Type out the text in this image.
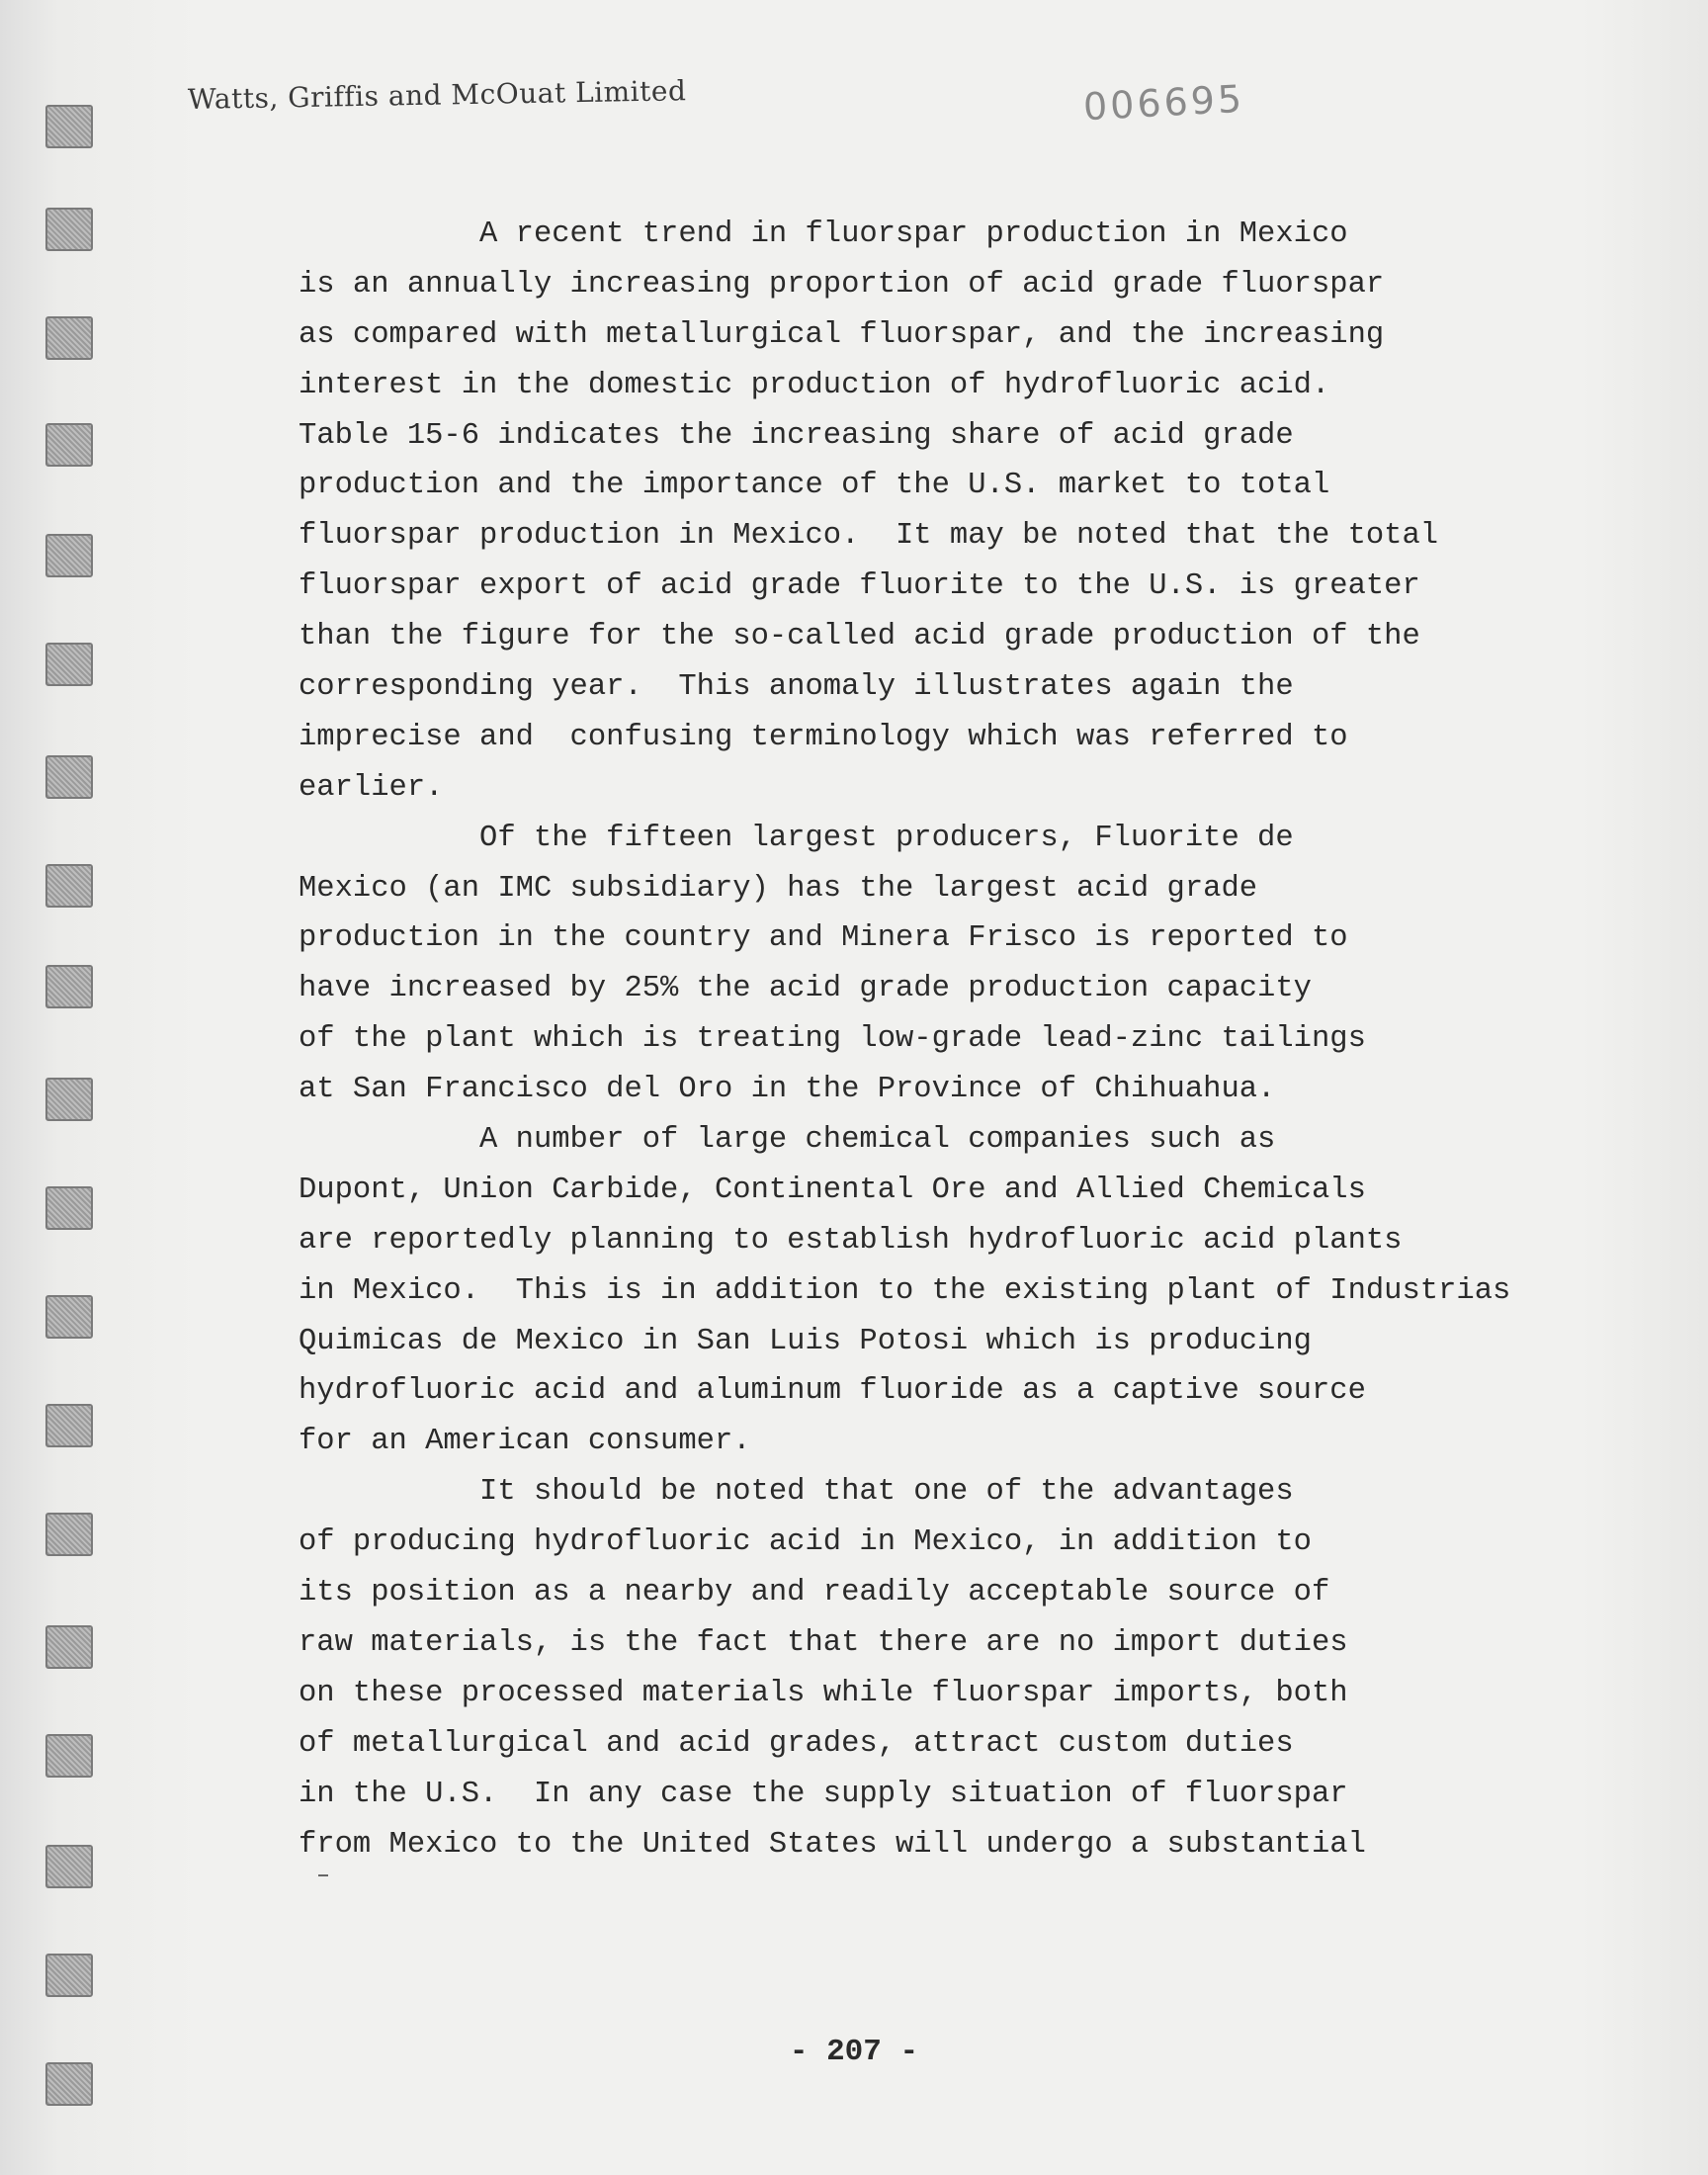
Watts, Griffis and McOuat Limited	006695
A recent trend in fluorspar production in Mexico
is an annually increasing proportion of acid grade fluorspar
as compared with metallurgical fluorspar, and the increasing
interest in the domestic production of hydrofluoric acid.
Table 15-6 indicates the increasing share of acid grade
production and the importance of the U.S. market to total
fluorspar production in Mexico.  It may be noted that the total
fluorspar export of acid grade fluorite to the U.S. is greater
than the figure for the so-called acid grade production of the
corresponding year.  This anomaly illustrates again the
imprecise and  confusing terminology which was referred to
earlier.
Of the fifteen largest producers, Fluorite de
Mexico (an IMC subsidiary) has the largest acid grade
production in the country and Minera Frisco is reported to
have increased by 25% the acid grade production capacity
of the plant which is treating low-grade lead-zinc tailings
at San Francisco del Oro in the Province of Chihuahua.
A number of large chemical companies such as
Dupont, Union Carbide, Continental Ore and Allied Chemicals
are reportedly planning to establish hydrofluoric acid plants
in Mexico.  This is in addition to the existing plant of Industrias
Quimicas de Mexico in San Luis Potosi which is producing
hydrofluoric acid and aluminum fluoride as a captive source
for an American consumer.
It should be noted that one of the advantages
of producing hydrofluoric acid in Mexico, in addition to
its position as a nearby and readily acceptable source of
raw materials, is the fact that there are no import duties
on these processed materials while fluorspar imports, both
of metallurgical and acid grades, attract custom duties
in the U.S.  In any case the supply situation of fluorspar
from Mexico to the United States will undergo a substantial
- 207 -
